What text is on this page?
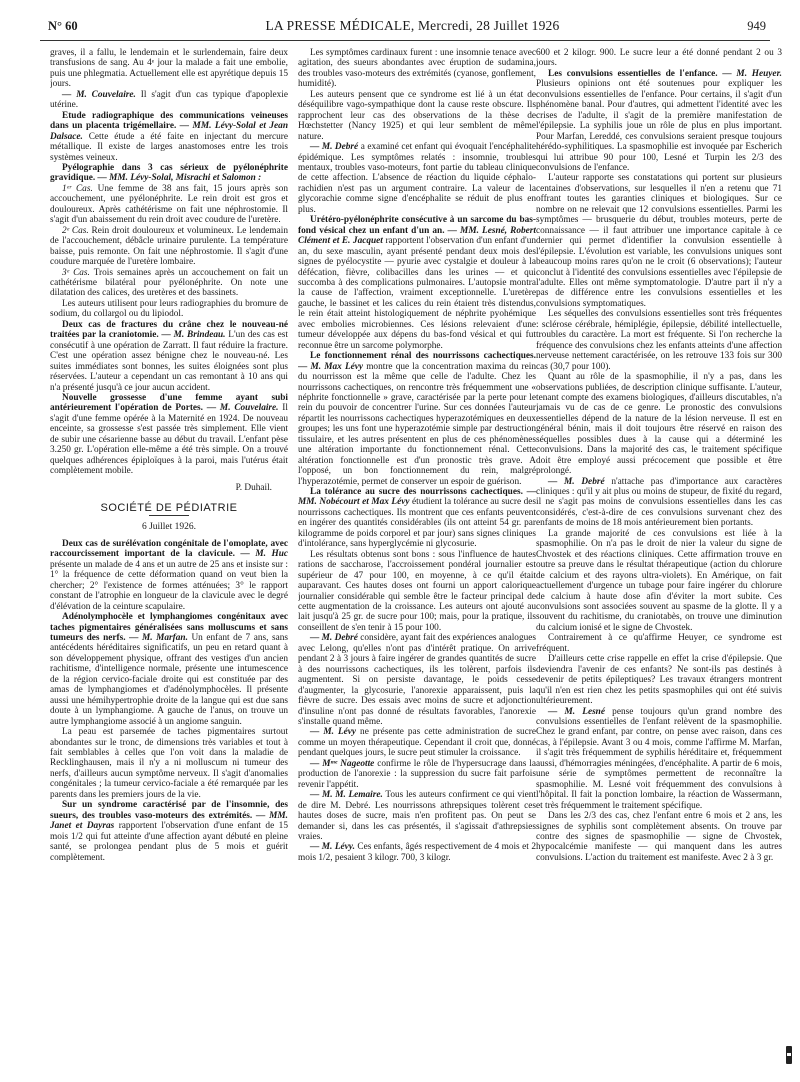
N° 60	LA PRESSE MÉDICALE, Mercredi, 28 Juillet 1926	949

graves, il a fallu, le lendemain et le surlendemain, faire deux transfusions de sang. Au 4ᵉ jour la malade a fait une embolie, puis une phlegmatia. Actuellement elle est apyrétique depuis 15 jours.

— M. Couvelaire. Il s'agit d'un cas typique d'apoplexie utérine.

Etude radiographique des communications veineuses dans un placenta trigémellaire. — MM. Lévy-Solal et Jean Dalsace. Cette étude a été faite en injectant du mercure métallique. Il existe de larges anastomoses entre les trois systèmes veineux.

Pyélographie dans 3 cas sérieux de pyélonéphrite gravidique. — MM. Lévy-Solal, Misrachi et Salomon :

1ᵉʳ Cas. Une femme de 38 ans fait, 15 jours après son accouchement, une pyélonéphrite. Le rein droit est gros et douloureux. Après cathétérisme on fait une néphrostomie. Il s'agit d'un abaissement du rein droit avec coudure de l'uretère.

2ᵉ Cas. Rein droit douloureux et volumineux. Le lendemain de l'accouchement, débâcle urinaire purulente. La température baisse, puis remonte. On fait une néphrostomie. Il s'agit d'une coudure marquée de l'uretère lombaire.

3ᵉ Cas. Trois semaines après un accouchement on fait un cathétérisme bilatéral pour pyélonéphrite. On note une dilatation des calices, des uretères et des bassinets.

Les auteurs utilisent pour leurs radiographies du bromure de sodium, du collargol ou du lipiodol.

Deux cas de fractures du crâne chez le nouveau-né traitées par la craniotomie. — M. Brindeau. L'un des cas est consécutif à une opération de Zarratt. Il faut réduire la fracture. C'est une opération assez bénigne chez le nouveau-né. Les suites immédiates sont bonnes, les suites éloignées sont plus réservées. L'auteur a cependant un cas remontant à 10 ans qui n'a présenté jusqu'à ce jour aucun accident.

Nouvelle grossesse d'une femme ayant subi antérieurement l'opération de Portes. — M. Couvelaire. Il s'agit d'une femme opérée à la Maternité en 1924. De nouveau enceinte, sa grossesse s'est passée très simplement. Elle vient de subir une césarienne basse au début du travail. L'enfant pèse 3.250 gr. L'opération elle-même a été très simple. On a trouvé quelques adhérences épiploïques à la paroi, mais l'utérus était complètement mobile.

P. Duhail.
SOCIÉTÉ DE PÉDIATRIE
6 Juillet 1926.

Deux cas de surélévation congénitale de l'omoplate, avec raccourcissement important de la clavicule. — M. Huc présente un malade de 4 ans et un autre de 25 ans et insiste sur : 1° la fréquence de cette déformation quand on veut bien la chercher; 2° l'existence de formes atténuées; 3° le rapport constant de l'atrophie en longueur de la clavicule avec le degré d'élévation de la ceinture scapulaire.

Adénolymphocèle et lymphangiomes congénitaux avec taches pigmentaires généralisées sans molluscums et sans tumeurs des nerfs. — M. Marfan. Un enfant de 7 ans, sans antécédents héréditaires significatifs, un peu en retard quant à son développement physique, offrant des vestiges d'un ancien rachitisme, d'intelligence normale, présente une intumescence de la région cervico-faciale droite qui est constituée par des amas de lymphangiomes et d'adénolymphocèles. Il présente aussi une hémihypertrophie droite de la langue qui est due sans doute à un lymphangiome. A gauche de l'anus, on trouve un autre lymphangiome associé à un angiome sanguin.

La peau est parsemée de taches pigmentaires surtout abondantes sur le tronc, de dimensions très variables et tout à fait semblables à celles que l'on voit dans la maladie de Recklinghausen, mais il n'y a ni molluscum ni tumeur des nerfs, d'ailleurs aucun symptôme nerveux. Il s'agit d'anomalies congénitales ; la tumeur cervico-faciale a été remarquée par les parents dans les premiers jours de la vie.

Sur un syndrome caractérisé par de l'insomnie, des sueurs, des troubles vaso-moteurs des extrémités. — MM. Janet et Dayras rapportent l'observation d'une enfant de 15 mois 1/2 qui fut atteinte d'une affection ayant débuté en pleine santé, se prolongea pendant plus de 5 mois et guérit complètement.

Les symptômes cardinaux furent : une insomnie tenace avec agitation, des sueurs abondantes avec éruption de sudamina, des troubles vaso-moteurs des extrémités (cyanose, gonflement, humidité).

Les auteurs pensent que ce syndrome est lié à un état de déséquilibre vago-sympathique dont la cause reste obscure. Ils rapprochent leur cas des observations de la thèse de Hœchstetter (Nancy 1925) et qui leur semblent de même nature.

— M. Debré a examiné cet enfant qui évoquait l'encéphalite épidémique. Les symptômes relatés : insomnie, troubles mentaux, troubles vaso-moteurs, font partie du tableau clinique de cette affection. L'absence de réaction du liquide céphalo-rachidien n'est pas un argument contraire. La valeur de la glycorachie comme signe d'encéphalite se réduit de plus en plus.

Urétéro-pyélonéphrite consécutive à un sarcome du bas-fond vésical chez un enfant d'un an. — MM. Lesné, Robert Clément et E. Jacquet rapportent l'observation d'un enfant d'un an, du sexe masculin, ayant présenté pendant deux mois des signes de pyélocystite — pyurie avec cystalgie et douleur à la défécation, fièvre, colibacilles dans les urines — et qui succomba à des complications pulmonaires. L'autopsie montra la cause de l'affection, vraiment exceptionnelle. L'uretère gauche, le bassinet et les calices du rein étaient très distendus, le rein était atteint histologiquement de néphrite pyohémique avec embolies microbiennes. Ces lésions relevaient d'une tumeur développée aux dépens du bas-fond vésical et qui fut reconnue être un sarcome polymorphe.

Le fonctionnement rénal des nourrissons cachectiques. — M. Max Lévy montre que la concentration maxima du rein du nourrisson est la même que celle de l'adulte. Chez les nourrissons cachectiques, on rencontre très fréquemment une « néphrite fonctionnelle » grave, caractérisée par la perte pour le rein du pouvoir de concentrer l'urine. Sur ces données l'auteur répartit les nourrissons cachectiques hyperazotémiques en deux groupes; les uns font une hyperazotémie simple par destruction tissulaire, et les autres présentent en plus de ces phénomènes une altération importante du fonctionnement rénal. Cette altération fonctionnelle est d'un pronostic très grave. A l'opposé, un bon fonctionnement du rein, malgré l'hyperazotémie, permet de conserver un espoir de guérison.

La tolérance au sucre des nourrissons cachectiques. — MM. Nobécourt et Max Lévy étudient la tolérance au sucre des nourrissons cachectiques. Ils montrent que ces enfants peuvent en ingérer des quantités considérables (ils ont atteint 54 gr. par kilogramme de poids corporel et par jour) sans signes cliniques d'intolérance, sans hyperglycémie ni glycosurie.

Les résultats obtenus sont bons : sous l'influence de hautes rations de saccharose, l'accroissement pondéral journalier est supérieur de 47 pour 100, en moyenne, à ce qu'il était auparavant. Ces hautes doses ont fourni un apport calorique journalier considérable qui semble être le facteur principal de cette augmentation de la croissance. Les auteurs ont ajouté au lait jusqu'à 25 gr. de sucre pour 100; mais, pour la pratique, ils conseillent de s'en tenir à 15 pour 100.

— M. Debré considère, ayant fait des expériences analogues avec Lelong, qu'elles n'ont pas d'intérêt pratique. On arrive pendant 2 à 3 jours à faire ingérer de grandes quantités de sucre à des nourrissons cachectiques, ils les tolèrent, parfois ils augmentent. Si on persiste davantage, le poids cesse d'augmenter, la glycosurie, l'anorexie apparaissent, puis la fièvre de sucre. Des essais avec moins de sucre et adjonction d'insuline n'ont pas donné de résultats favorables, l'anorexie s'installe quand même.

— M. Lévy ne présente pas cette administration de sucre comme un moyen thérapeutique. Cependant il croit que, donné pendant quelques jours, le sucre peut stimuler la croissance.

— Mᵐᵉ Nageotte confirme le rôle de l'hypersucrage dans la production de l'anorexie : la suppression du sucre fait parfois revenir l'appétit.

— M. M. Lemaire. Tous les auteurs confirment ce qui vient de dire M. Debré. Les nourrissons athrepsiques tolèrent ces hautes doses de sucre, mais n'en profitent pas. On peut se demander si, dans les cas présentés, il s'agissait d'athrepsies vraies.

— M. Lévy. Ces enfants, âgés respectivement de 4 mois et 2 mois 1/2, pesaient 3 kilogr. 700, 3 kilogr.

600 et 2 kilogr. 900. Le sucre leur a été donné pendant 2 ou 3 jours.

Les convulsions essentielles de l'enfance. — M. Heuyer. Plusieurs opinions ont été soutenues pour expliquer les convulsions essentielles de l'enfance. Pour certains, il s'agit d'un phénomène banal. Pour d'autres, qui admettent l'identité avec les crises de l'adulte, il s'agit de la première manifestation de l'épilepsie. La syphilis joue un rôle de plus en plus important. Pour Marfan, Lereddé, ces convulsions seraient presque toujours hérédo-syphilitiques. La spasmophilie est invoquée par Escherich qui lui attribue 90 pour 100, Lesné et Turpin les 2/3 des convulsions de l'enfance.

L'auteur rapporte ses constatations qui portent sur plusieurs centaines d'observations, sur lesquelles il n'en a retenu que 71 offrant toutes les garanties cliniques et biologiques. Sur ce nombre on ne relevait que 12 convulsions essentielles. Parmi les symptômes — brusquerie du début, troubles moteurs, perte de connaissance — il faut attribuer une importance capitale à ce dernier qui permet d'identifier la convulsion essentielle à l'épilepsie. L'évolution est variable, les convulsions uniques sont beaucoup moins rares qu'on ne le croit (6 observations); l'auteur conclut à l'identité des convulsions essentielles avec l'épilepsie de l'adulte. Elles ont même symptomatologie. D'autre part il n'y a pas de différence entre les convulsions essentielles et les convulsions symptomatiques.

Les séquelles des convulsions essentielles sont très fréquentes : sclérose cérébrale, hémiplégie, épilepsie, débilité intellectuelle, troubles du caractère. La mort est fréquente. Si l'on recherche la fréquence des convulsions chez les enfants atteints d'une affection nerveuse nettement caractérisée, on les retrouve 133 fois sur 300 cas (30,7 pour 100).

Quant au rôle de la spasmophilie, il n'y a pas, dans les observations publiées, de description clinique suffisante. L'auteur, tenant compte des examens biologiques, d'ailleurs discutables, n'a jamais vu de cas de ce genre. Le pronostic des convulsions essentielles dépend de la nature de la lésion nerveuse. Il est en général bénin, mais il doit toujours être réservé en raison des séquelles possibles dues à la cause qui a déterminé les convulsions. Dans la majorité des cas, le traitement spécifique doit être employé aussi précocement que possible et être prolongé.

— M. Debré n'attache pas d'importance aux caractères cliniques : qu'il y ait plus ou moins de stupeur, de fixité du regard, il ne s'agit pas moins de convulsions essentielles dans les cas considérés, c'est-à-dire de ces convulsions survenant chez des enfants de moins de 18 mois antérieurement bien portants.

La grande majorité de ces convulsions est liée à la spasmophilie. On n'a pas le droit de nier la valeur du signe de Chvostek et des réactions cliniques. Cette affirmation trouve en outre sa preuve dans le résultat thérapeutique (action du chlorure de calcium et des rayons ultra-violets). En Amérique, on fait actuellement d'urgence un tubage pour faire ingérer du chlorure de calcium à haute dose afin d'éviter la mort subite. Ces convulsions sont associées souvent au spasme de la glotte. Il y a souvent du rachitisme, du craniotabès, on trouve une diminution du calcium ionisé et le signe de Chvostek.

Contrairement à ce qu'affirme Heuyer, ce syndrome est fréquent.

D'ailleurs cette crise rappelle en effet la crise d'épilepsie. Que deviendra l'avenir de ces enfants? Ne sont-ils pas destinés à devenir de petits épileptiques? Les travaux étrangers montrent qu'il n'en est rien chez les petits spasmophiles qui ont été suivis ultérieurement.

— M. Lesné pense toujours qu'un grand nombre des convulsions essentielles de l'enfant relèvent de la spasmophilie. Chez le grand enfant, par contre, on pense avec raison, dans ces cas, à l'épilepsie. Avant 3 ou 4 mois, comme l'affirme M. Marfan, il s'agit très fréquemment de syphilis héréditaire et, fréquemment aussi, d'hémorragies méningées, d'encéphalite. A partir de 6 mois, une série de symptômes permettent de reconnaître la spasmophilie. M. Lesné voit fréquemment des convulsions à l'hôpital. Il fait la ponction lombaire, la réaction de Wassermann, et très fréquemment le traitement spécifique.

Dans les 2/3 des cas, chez l'enfant entre 6 mois et 2 ans, les signes de syphilis sont complètement absents. On trouve par contre des signes de spasmophilie — signe de Chvostek, hypocalcémie manifeste — qui manquent dans les autres convulsions. L'action du traitement est manifeste. Avec 2 à 3 gr.
